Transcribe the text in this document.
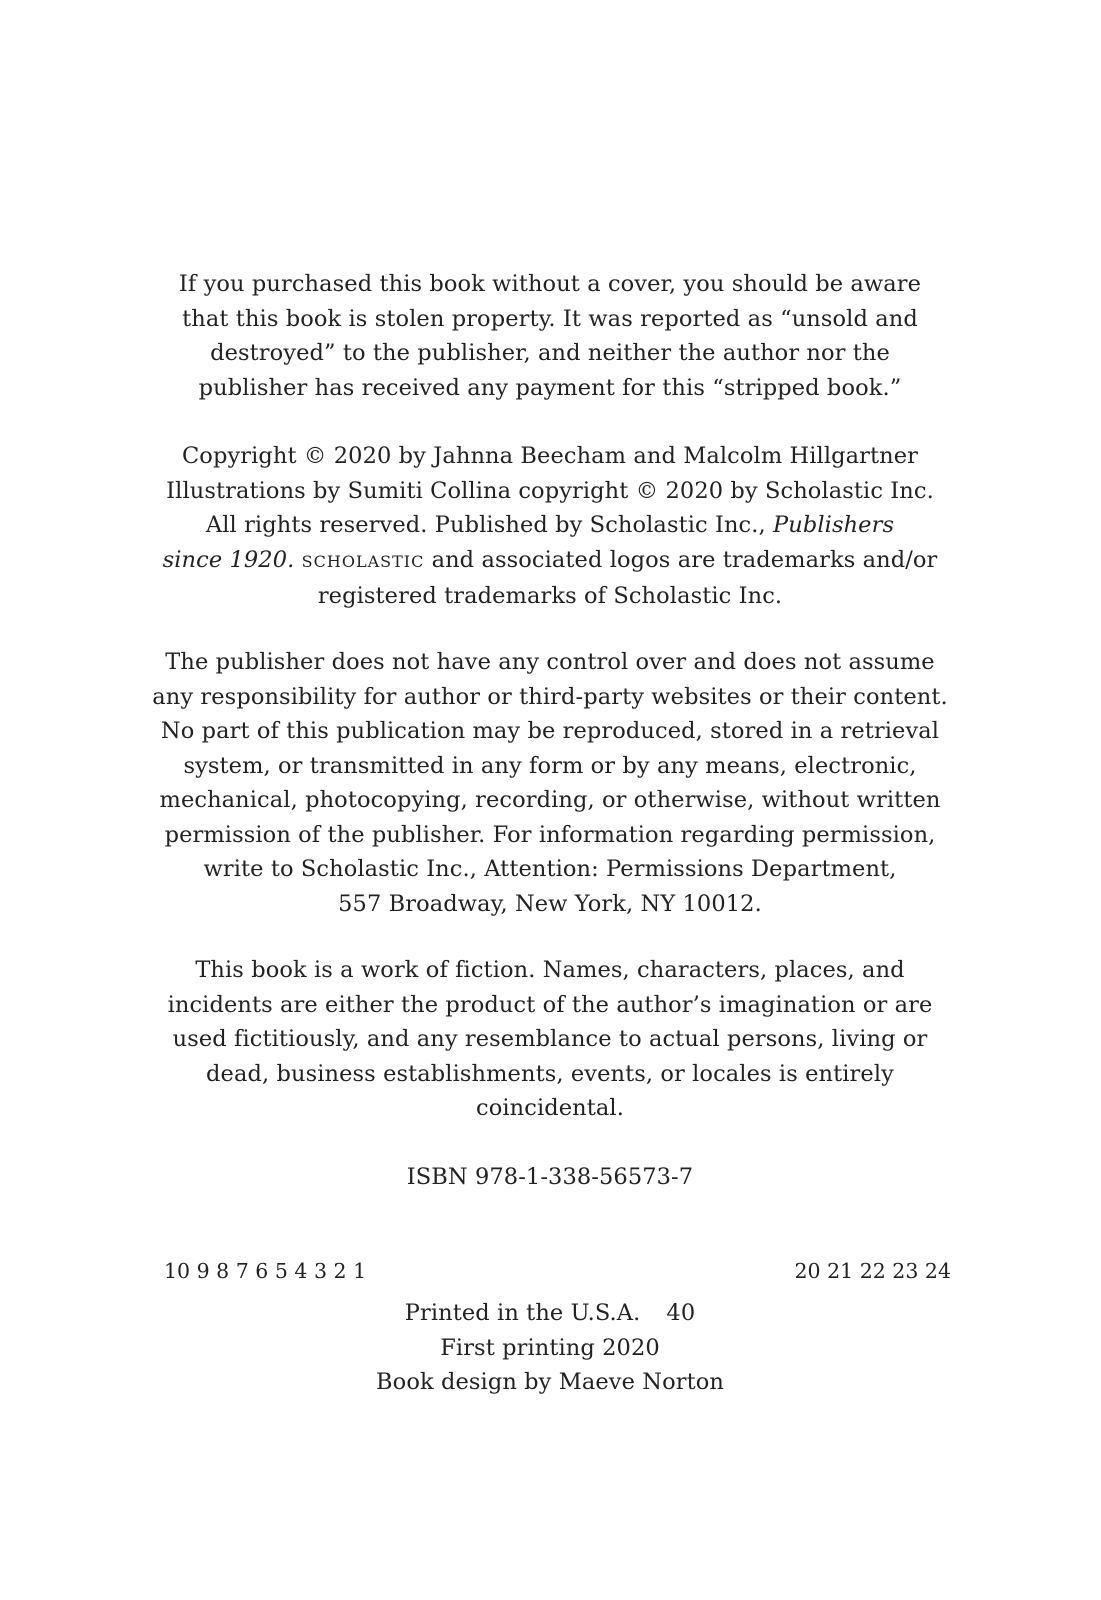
If you purchased this book without a cover, you should be aware
that this book is stolen property. It was reported as “unsold and
destroyed” to the publisher, and neither the author nor the
publisher has received any payment for this “stripped book.”
Copyright © 2020 by Jahnna Beecham and Malcolm Hillgartner
Illustrations by Sumiti Collina copyright © 2020 by Scholastic Inc.
All rights reserved. Published by Scholastic Inc., Publishers
since 1920. SCHOLASTIC and associated logos are trademarks and/or
registered trademarks of Scholastic Inc.
The publisher does not have any control over and does not assume
any responsibility for author or third-party websites or their content.
No part of this publication may be reproduced, stored in a retrieval
system, or transmitted in any form or by any means, electronic,
mechanical, photocopying, recording, or otherwise, without written
permission of the publisher. For information regarding permission,
write to Scholastic Inc., Attention: Permissions Department,
557 Broadway, New York, NY 10012.
This book is a work of fiction. Names, characters, places, and
incidents are either the product of the author’s imagination or are
used fictitiously, and any resemblance to actual persons, living or
dead, business establishments, events, or locales is entirely
coincidental.
ISBN 978-1-338-56573-7
10 9 8 7 6 5 4 3 2 1	20 21 22 23 24
Printed in the U.S.A. 40
First printing 2020
Book design by Maeve Norton
